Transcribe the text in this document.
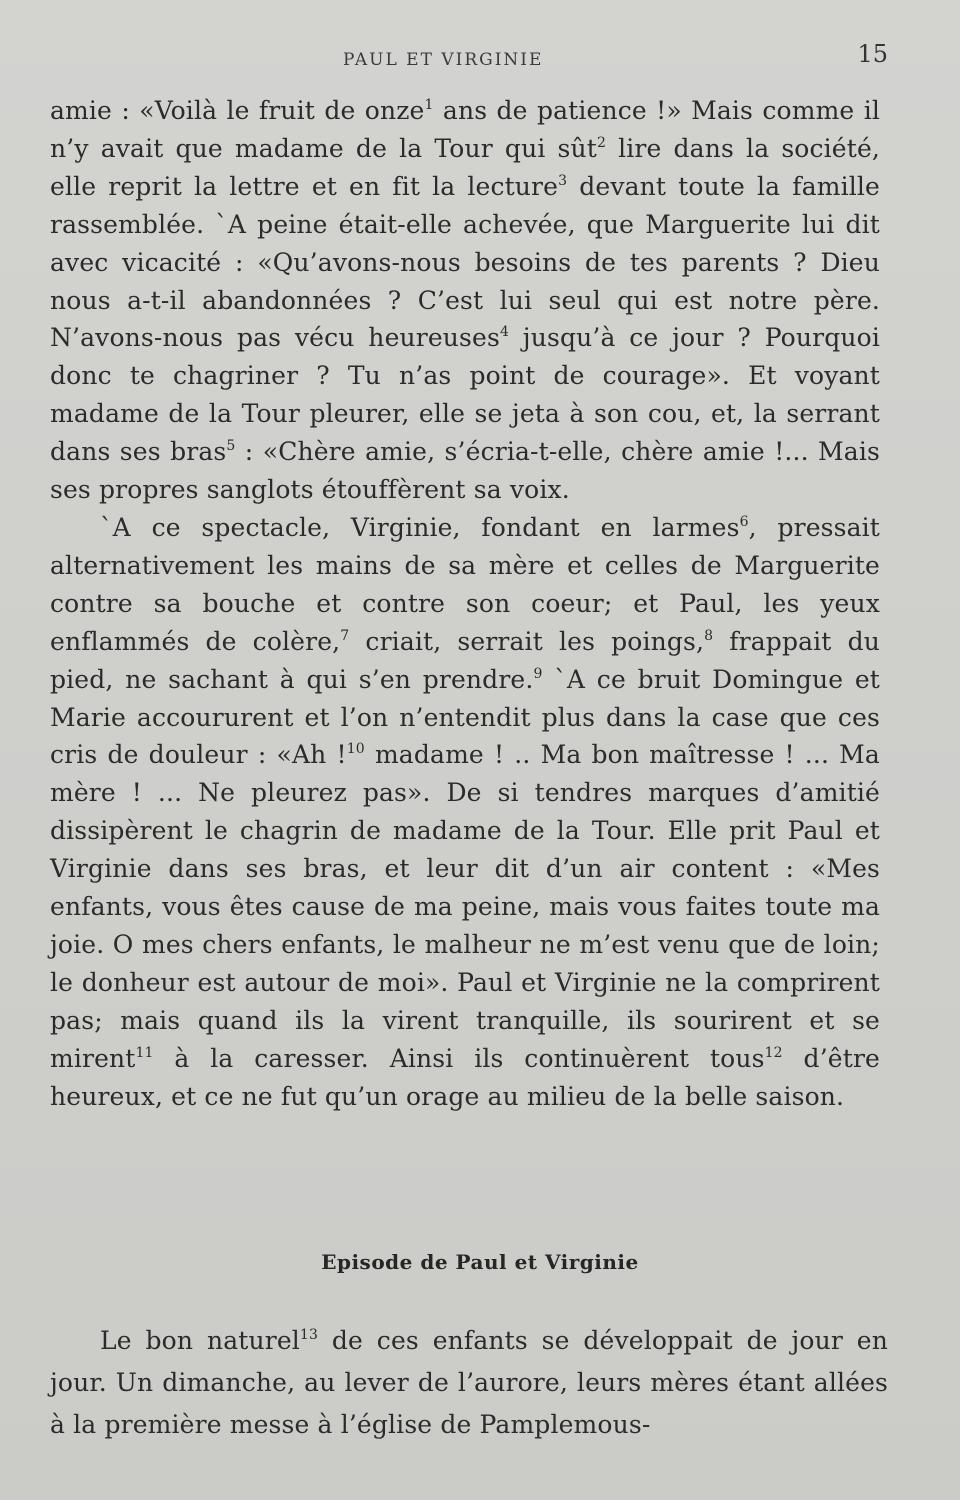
PAUL ET VIRGINIE	15

amie : «Voilà le fruit de onze$^1$ ans de patience !» Mais comme il n’y avait que madame de la Tour qui sût$^2$ lire dans la société, elle reprit la lettre et en fit la lecture$^3$ devant toute la famille rassemblée. `A peine était-elle achevée, que Marguerite lui dit avec vicacité : «Qu’avons-nous besoins de tes parents ? Dieu nous a-t-il abandonnées ? C’est lui seul qui est notre père. N’avons-nous pas vécu heureuses$^4$ jusqu’à ce jour ? Pourquoi donc te chagriner ? Tu n’as point de courage». Et voyant madame de la Tour pleurer, elle se jeta à son cou, et, la serrant dans ses bras$^5$ : «Chère amie, s’écria-t-elle, chère amie !... Mais ses propres sanglots étouffèrent sa voix.

`A ce spectacle, Virginie, fondant en larmes$^6$, pressait alternativement les mains de sa mère et celles de Marguerite contre sa bouche et contre son coeur; et Paul, les yeux enflammés de colère,$^7$ criait, serrait les poings,$^8$ frappait du pied, ne sachant à qui s’en prendre.$^9$ `A ce bruit Domingue et Marie accoururent et l’on n’entendit plus dans la case que ces cris de douleur : «Ah !$^{10}$ madame ! .. Ma bon maîtresse ! ... Ma mère ! ... Ne pleurez pas». De si tendres marques d’amitié dissipèrent le chagrin de madame de la Tour. Elle prit Paul et Virginie dans ses bras, et leur dit d’un air content : «Mes enfants, vous êtes cause de ma peine, mais vous faites toute ma joie. O mes chers enfants, le malheur ne m’est venu que de loin; le donheur est autour de moi». Paul et Virginie ne la comprirent pas; mais quand ils la virent tranquille, ils sourirent et se mirent$^{11}$ à la caresser. Ainsi ils continuèrent tous$^{12}$ d’être heureux, et ce ne fut qu’un orage au milieu de la belle saison.

Episode de Paul et Virginie

Le bon naturel$^{13}$ de ces enfants se développait de jour en jour. Un dimanche, au lever de l’aurore, leurs mères étant allées à la première messe à l’église de Pamplemous-
